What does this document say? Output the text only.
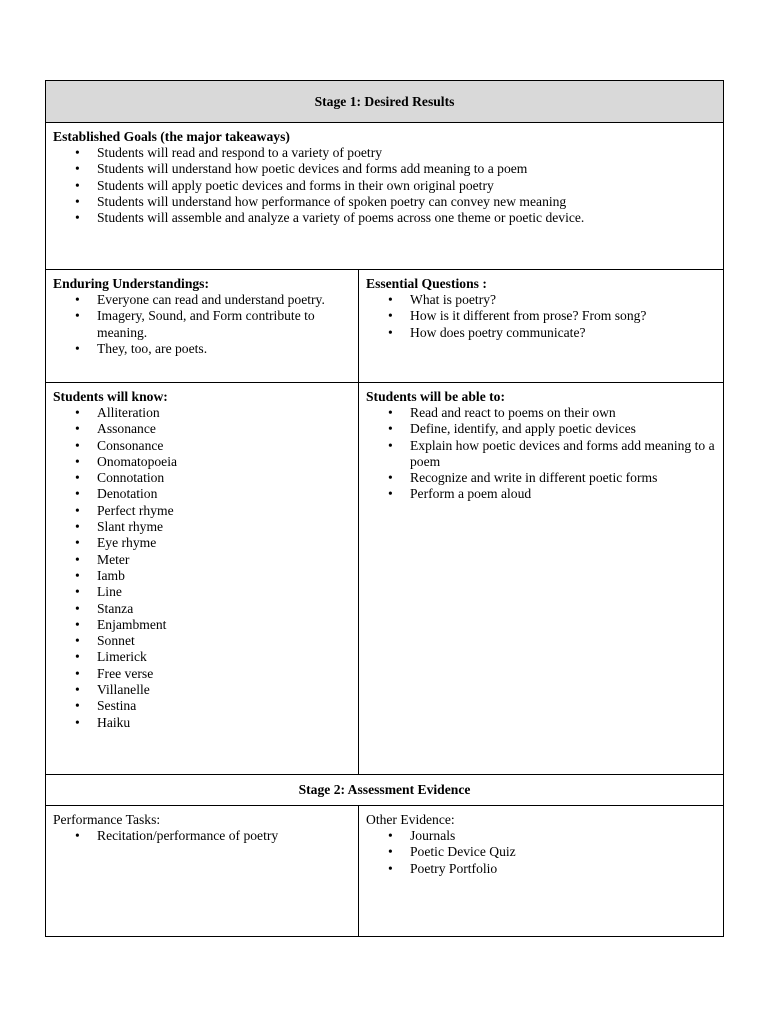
Stage 1: Desired Results
Established Goals (the major takeaways)
• Students will read and respond to a variety of poetry
• Students will understand how poetic devices and forms add meaning to a poem
• Students will apply poetic devices and forms in their own original poetry
• Students will understand how performance of spoken poetry can convey new meaning
• Students will assemble and analyze a variety of poems across one theme or poetic device.
Enduring Understandings:
• Everyone can read and understand poetry.
• Imagery, Sound, and Form contribute to meaning.
• They, too, are poets.
Essential Questions :
• What is poetry?
• How is it different from prose? From song?
• How does poetry communicate?
Students will know:
• Alliteration
• Assonance
• Consonance
• Onomatopoeia
• Connotation
• Denotation
• Perfect rhyme
• Slant rhyme
• Eye rhyme
• Meter
• Iamb
• Line
• Stanza
• Enjambment
• Sonnet
• Limerick
• Free verse
• Villanelle
• Sestina
• Haiku
Students will be able to:
• Read and react to poems on their own
• Define, identify, and apply poetic devices
• Explain how poetic devices and forms add meaning to a poem
• Recognize and write in different poetic forms
• Perform a poem aloud
Stage 2: Assessment Evidence
Performance Tasks:
• Recitation/performance of poetry
Other Evidence:
• Journals
• Poetic Device Quiz
• Poetry Portfolio
